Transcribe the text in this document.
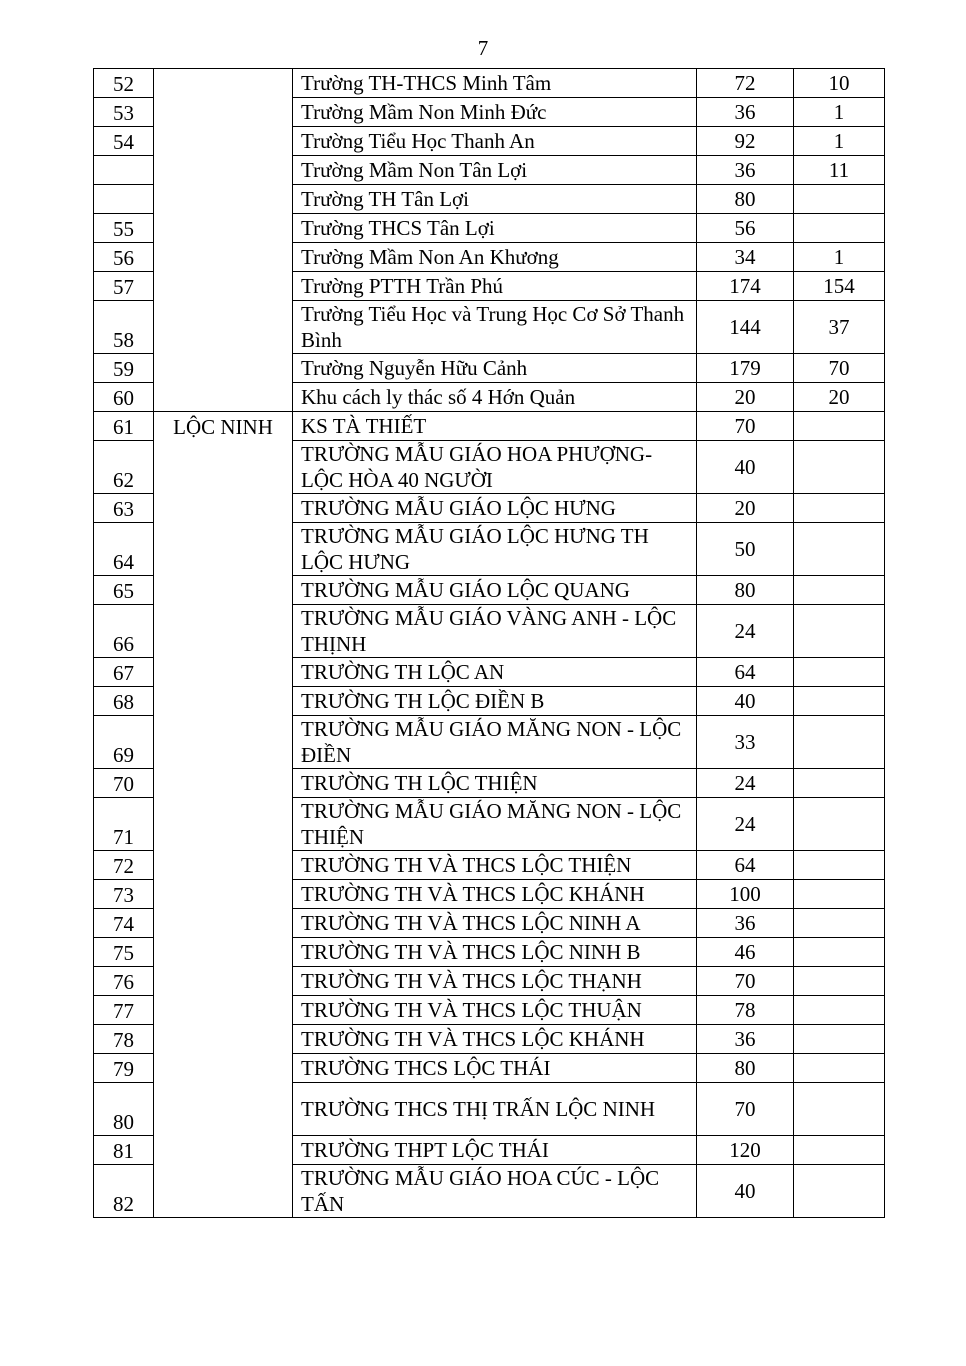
7
52		Trường TH-THCS Minh Tâm	72	10
53		Trường Mầm Non Minh Đức	36	1
54		Trường Tiểu Học Thanh An	92	1
		Trường Mầm Non Tân Lợi	36	11
		Trường TH Tân Lợi	80	
55		Trường THCS Tân Lợi	56	
56		Trường Mầm Non An Khương	34	1
57		Trường PTTH Trần Phú	174	154
58		Trường Tiểu Học và Trung Học Cơ Sở Thanh Bình	144	37
59		Trường Nguyễn Hữu Cảnh	179	70
60		Khu cách ly thác số 4 Hớn Quản	20	20
61	LỘC NINH	KS TÀ THIẾT	70	
62		TRƯỜNG MẪU GIÁO HOA PHƯỢNG- LỘC HÒA 40 NGƯỜI	40	
63		TRƯỜNG MẪU GIÁO LỘC HƯNG	20	
64		TRƯỜNG MẪU GIÁO LỘC HƯNG TH LỘC HƯNG	50	
65		TRƯỜNG MẪU GIÁO LỘC QUANG	80	
66		TRƯỜNG MẪU GIÁO VÀNG ANH - LỘC THỊNH	24	
67		TRƯỜNG TH LỘC AN	64	
68		TRƯỜNG TH LỘC ĐIỀN B	40	
69		TRƯỜNG MẪU GIÁO MĂNG NON - LỘC ĐIỀN	33	
70		TRƯỜNG TH LỘC THIỆN	24	
71		TRƯỜNG MẪU GIÁO MĂNG NON - LỘC THIỆN	24	
72		TRƯỜNG TH VÀ THCS LỘC THIỆN	64	
73		TRƯỜNG TH VÀ THCS LỘC KHÁNH	100	
74		TRƯỜNG TH VÀ THCS LỘC NINH A	36	
75		TRƯỜNG TH VÀ THCS LỘC NINH B	46	
76		TRƯỜNG TH VÀ THCS LỘC THẠNH	70	
77		TRƯỜNG TH VÀ THCS LỘC THUẬN	78	
78		TRƯỜNG TH VÀ THCS LỘC KHÁNH	36	
79		TRƯỜNG THCS LỘC THÁI	80	
80		TRƯỜNG THCS THỊ TRẤN LỘC NINH	70	
81		TRƯỜNG THPT LỘC THÁI	120	
82		TRƯỜNG MẪU GIÁO HOA CÚC - LỘC TẤN	40	
